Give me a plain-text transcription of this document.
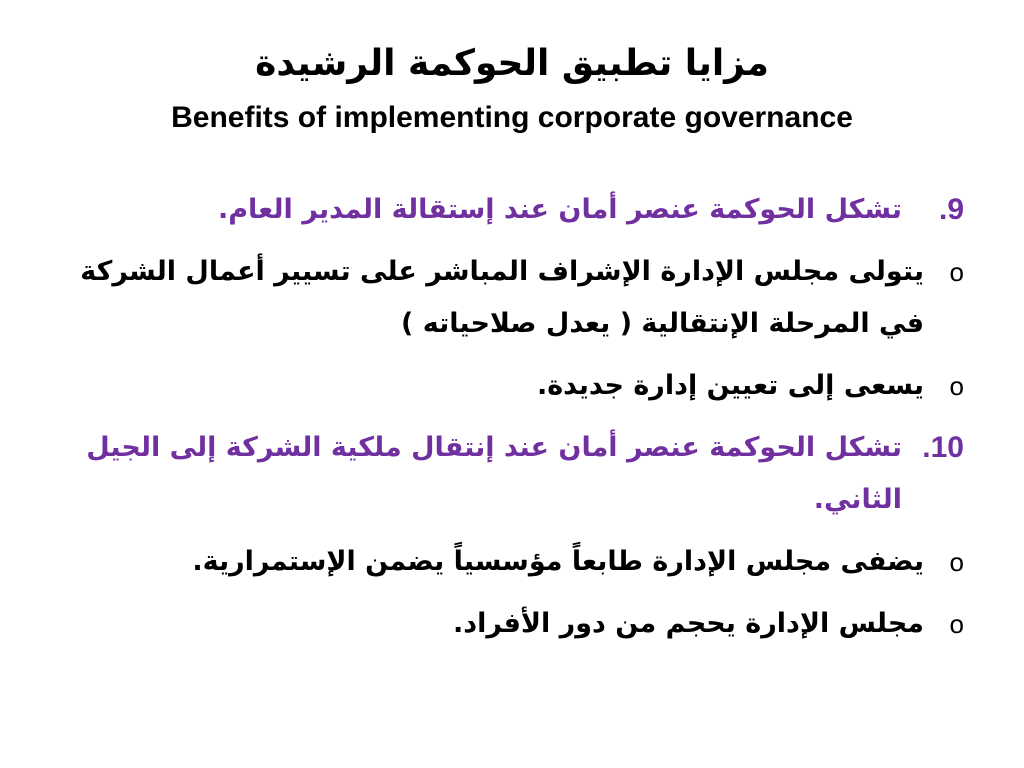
مزايا تطبيق الحوكمة الرشيدة
Benefits of implementing corporate governance
9.
تشكل الحوكمة عنصر أمان عند إستقالة المدير العام.
o
يتولى مجلس الإدارة الإشراف المباشر على تسيير أعمال الشركة في المرحلة الإنتقالية ( يعدل صلاحياته )
o
يسعى إلى تعيين إدارة جديدة.
10.
تشكل الحوكمة عنصر أمان عند إنتقال ملكية الشركة إلى الجيل الثاني.
o
يضفى مجلس الإدارة طابعاً مؤسسياً يضمن الإستمرارية.
o
مجلس الإدارة يحجم من دور الأفراد.
